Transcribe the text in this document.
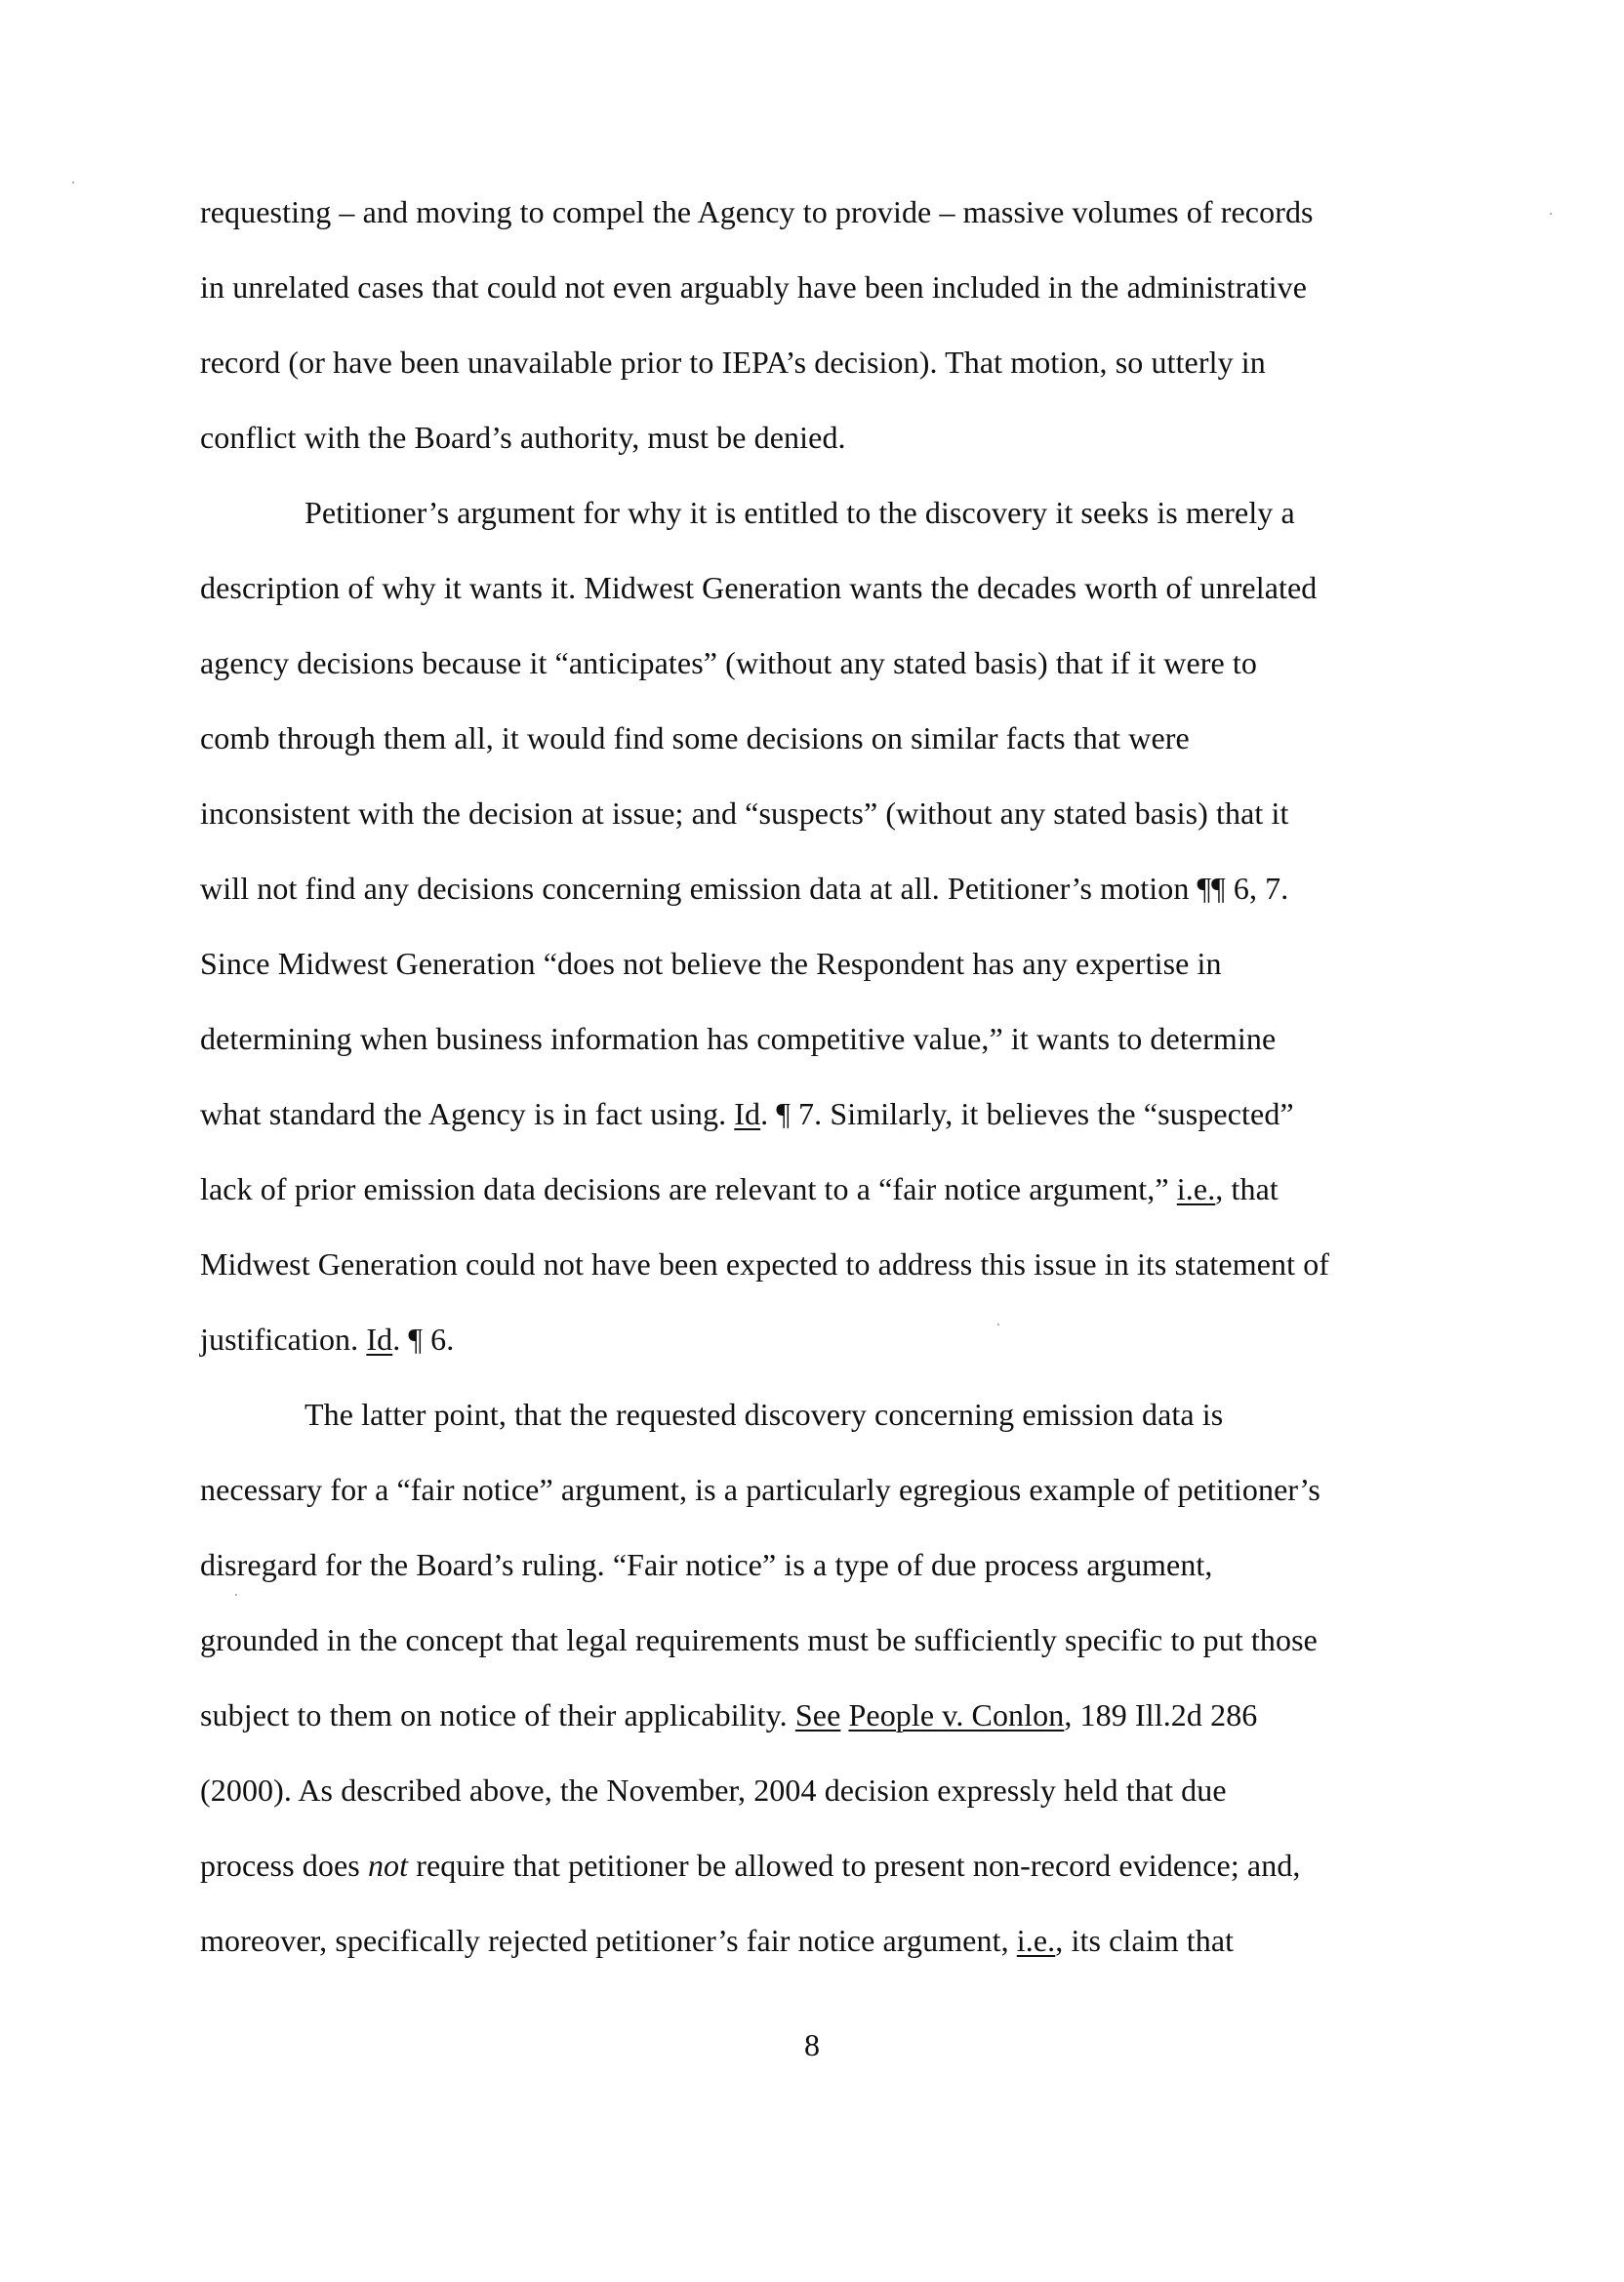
requesting – and moving to compel the Agency to provide – massive volumes of records
in unrelated cases that could not even arguably have been included in the administrative
record (or have been unavailable prior to IEPA’s decision). That motion, so utterly in
conflict with the Board’s authority, must be denied.
Petitioner’s argument for why it is entitled to the discovery it seeks is merely a
description of why it wants it. Midwest Generation wants the decades worth of unrelated
agency decisions because it “anticipates” (without any stated basis) that if it were to
comb through them all, it would find some decisions on similar facts that were
inconsistent with the decision at issue; and “suspects” (without any stated basis) that it
will not find any decisions concerning emission data at all. Petitioner’s motion ¶¶ 6, 7.
Since Midwest Generation “does not believe the Respondent has any expertise in
determining when business information has competitive value,” it wants to determine
what standard the Agency is in fact using. Id. ¶ 7. Similarly, it believes the “suspected”
lack of prior emission data decisions are relevant to a “fair notice argument,” i.e., that
Midwest Generation could not have been expected to address this issue in its statement of
justification. Id. ¶ 6.
The latter point, that the requested discovery concerning emission data is
necessary for a “fair notice” argument, is a particularly egregious example of petitioner’s
disregard for the Board’s ruling. “Fair notice” is a type of due process argument,
grounded in the concept that legal requirements must be sufficiently specific to put those
subject to them on notice of their applicability. See People v. Conlon, 189 Ill.2d 286
(2000). As described above, the November, 2004 decision expressly held that due
process does not require that petitioner be allowed to present non-record evidence; and,
moreover, specifically rejected petitioner’s fair notice argument, i.e., its claim that
8
